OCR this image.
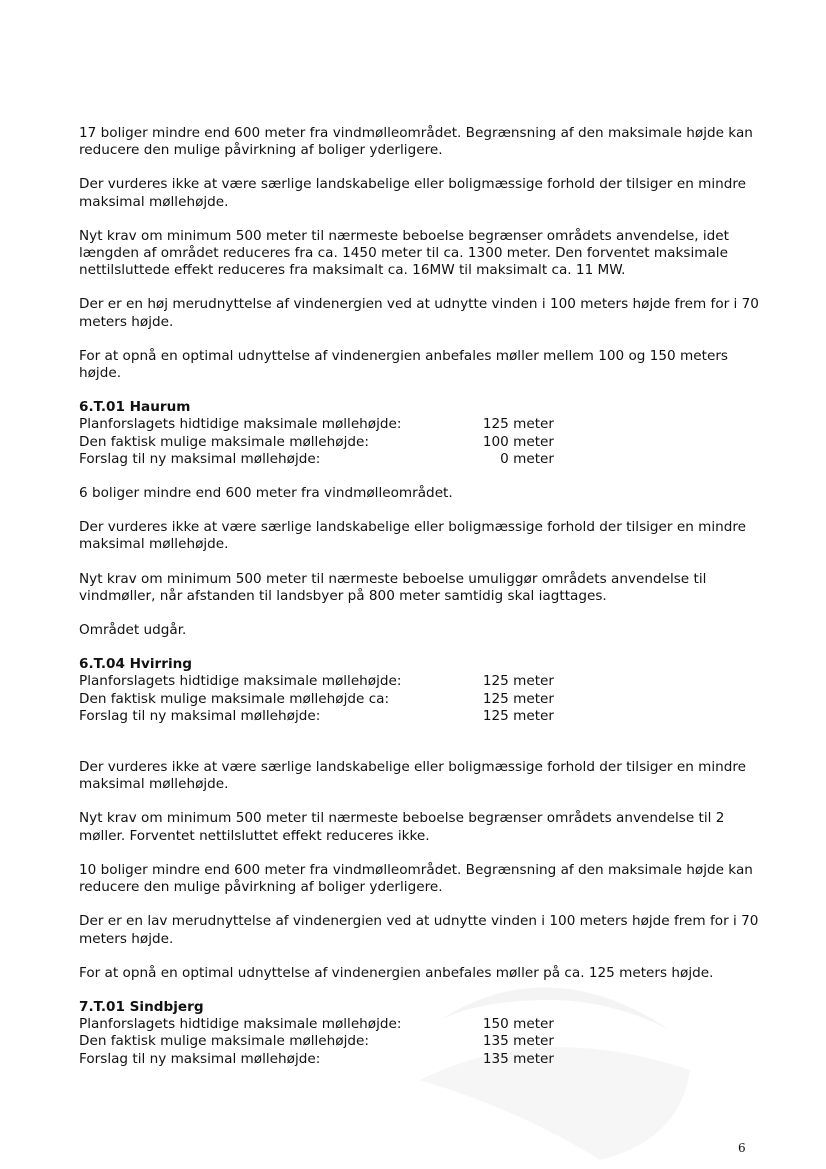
17 boliger mindre end 600 meter fra vindmølleområdet. Begrænsning af den maksimale højde kan reducere den mulige påvirkning af boliger yderligere.

Der vurderes ikke at være særlige landskabelige eller boligmæssige forhold der tilsiger en mindre maksimal møllehøjde.

Nyt krav om minimum 500 meter til nærmeste beboelse begrænser områdets anvendelse, idet længden af området reduceres fra ca. 1450 meter til ca. 1300 meter. Den forventet maksimale nettilsluttede effekt reduceres fra maksimalt ca. 16MW til maksimalt ca. 11 MW.

Der er en høj merudnyttelse af vindenergien ved at udnytte vinden i 100 meters højde frem for i 70 meters højde.

For at opnå en optimal udnyttelse af vindenergien anbefales møller mellem 100 og 150 meters højde.

6.T.01 Haurum
Planforslagets hidtidige maksimale møllehøjde:	125 meter
Den faktisk mulige maksimale møllehøjde:	100 meter
Forslag til ny maksimal møllehøjde:	0 meter

6 boliger mindre end 600 meter fra vindmølleområdet.

Der vurderes ikke at være særlige landskabelige eller boligmæssige forhold der tilsiger en mindre maksimal møllehøjde.

Nyt krav om minimum 500 meter til nærmeste beboelse umuliggør områdets anvendelse til vindmøller, når afstanden til landsbyer på 800 meter samtidig skal iagttages.

Området udgår.

6.T.04 Hvirring
Planforslagets hidtidige maksimale møllehøjde:	125 meter
Den faktisk mulige maksimale møllehøjde ca:	125 meter
Forslag til ny maksimal møllehøjde:	125 meter

Der vurderes ikke at være særlige landskabelige eller boligmæssige forhold der tilsiger en mindre maksimal møllehøjde.

Nyt krav om minimum 500 meter til nærmeste beboelse begrænser områdets anvendelse til 2 møller. Forventet nettilsluttet effekt reduceres ikke.

10 boliger mindre end 600 meter fra vindmølleområdet. Begrænsning af den maksimale højde kan reducere den mulige påvirkning af boliger yderligere.

Der er en lav merudnyttelse af vindenergien ved at udnytte vinden i 100 meters højde frem for i 70 meters højde.

For at opnå en optimal udnyttelse af vindenergien anbefales møller på ca. 125 meters højde.

7.T.01 Sindbjerg
Planforslagets hidtidige maksimale møllehøjde:	150 meter
Den faktisk mulige maksimale møllehøjde:	135 meter
Forslag til ny maksimal møllehøjde:	135 meter
6
